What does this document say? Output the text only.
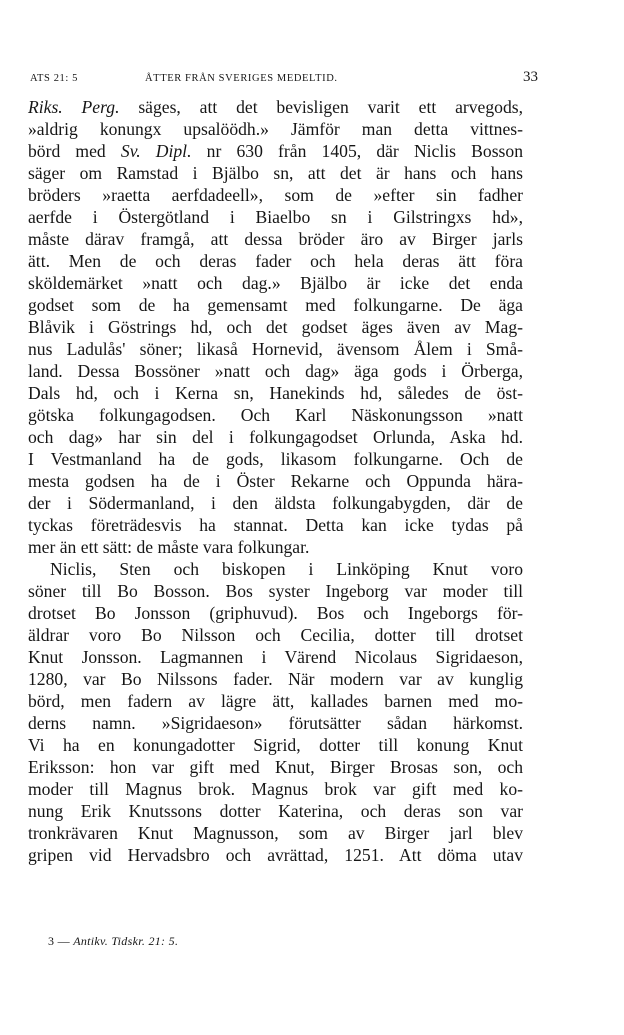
ATS 21: 5	ÅTTER FRÅN SVERIGES MEDELTID.	33
Riks. Perg. säges, att det bevisligen varit ett arvegods,
»aldrig konungx upsalöödh.» Jämför man detta vittnes-
börd med Sv. Dipl. nr 630 från 1405, där Niclis Bosson
säger om Ramstad i Bjälbo sn, att det är hans och hans
bröders »raetta aerfdadeell», som de »efter sin fadher
aerfde i Östergötland i Biaelbo sn i Gilstringxs hd»,
måste därav framgå, att dessa bröder äro av Birger jarls
ätt. Men de och deras fader och hela deras ätt föra
sköldemärket »natt och dag.» Bjälbo är icke det enda
godset som de ha gemensamt med folkungarne. De äga
Blåvik i Göstrings hd, och det godset äges även av Mag-
nus Ladulås' söner; likaså Hornevid, ävensom Ålem i Små-
land. Dessa Bossöner »natt och dag» äga gods i Örberga,
Dals hd, och i Kerna sn, Hanekinds hd, således de öst-
götska folkungagodsen. Och Karl Näskonungsson »natt
och dag» har sin del i folkungagodset Orlunda, Aska hd.
I Vestmanland ha de gods, likasom folkungarne. Och de
mesta godsen ha de i Öster Rekarne och Oppunda hära-
der i Södermanland, i den äldsta folkungabygden, där de
tyckas företrädesvis ha stannat. Detta kan icke tydas på
mer än ett sätt: de måste vara folkungar.
Niclis, Sten och biskopen i Linköping Knut voro
söner till Bo Bosson. Bos syster Ingeborg var moder till
drotset Bo Jonsson (griphuvud). Bos och Ingeborgs för-
äldrar voro Bo Nilsson och Cecilia, dotter till drotset
Knut Jonsson. Lagmannen i Värend Nicolaus Sigridaeson,
1280, var Bo Nilssons fader. När modern var av kunglig
börd, men fadern av lägre ätt, kallades barnen med mo-
derns namn. »Sigridaeson» förutsätter sådan härkomst.
Vi ha en konungadotter Sigrid, dotter till konung Knut
Eriksson: hon var gift med Knut, Birger Brosas son, och
moder till Magnus brok. Magnus brok var gift med ko-
nung Erik Knutssons dotter Katerina, och deras son var
tronkrävaren Knut Magnusson, som av Birger jarl blev
gripen vid Hervadsbro och avrättad, 1251. Att döma utav
3 — Antikv. Tidskr. 21: 5.
